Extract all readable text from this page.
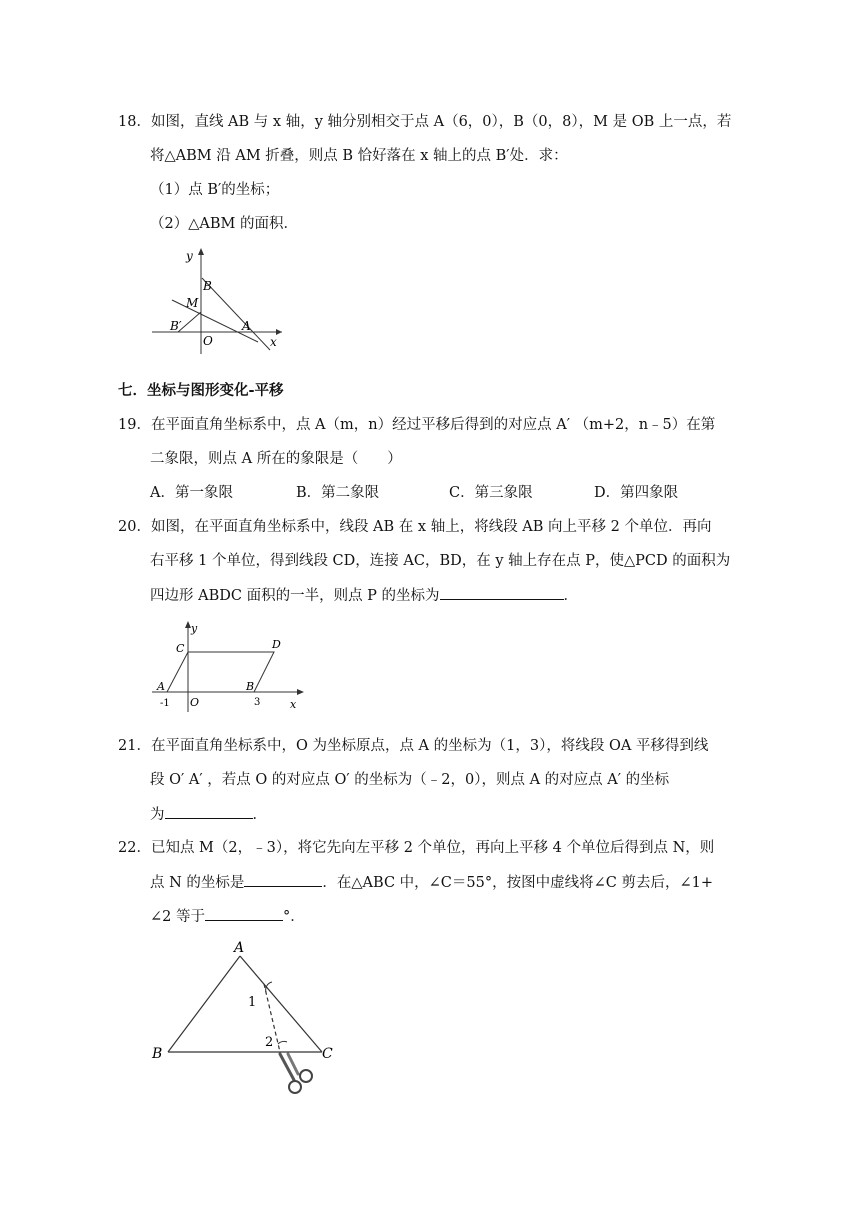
18．如图，直线 AB 与 x 轴，y 轴分别相交于点 A（6，0），B（0，8），M 是 OB 上一点，若
将△ABM 沿 AM 折叠，则点 B 恰好落在 x 轴上的点 B′处．求：
（1）点 B′的坐标；
（2）△ABM 的面积．
y
B
M
B′	A
O	x
七．坐标与图形变化-平移
19．在平面直角坐标系中，点 A（m，n）经过平移后得到的对应点 A′ （m+2，n﹣5）在第
二象限，则点 A 所在的象限是（　　）
A．第一象限	B．第二象限	C．第三象限	D．第四象限
20．如图，在平面直角坐标系中，线段 AB 在 x 轴上，将线段 AB 向上平移 2 个单位．再向
右平移 1 个单位，得到线段 CD，连接 AC，BD，在 y 轴上存在点 P，使△PCD 的面积为
四边形 ABDC 面积的一半，则点 P 的坐标为	．
y
C	D
A	B
O
-1	3	x
21．在平面直角坐标系中，O 为坐标原点，点 A 的坐标为（1，3），将线段 OA 平移得到线
段 O′ A′ ，若点 O 的对应点 O′ 的坐标为（﹣2，0），则点 A 的对应点 A′ 的坐标
为	．
22．已知点 M（2，﹣3），将它先向左平移 2 个单位，再向上平移 4 个单位后得到点 N，则
点 N 的坐标是	．在△ABC 中，∠C＝55°，按图中虚线将∠C 剪去后，∠1+
∠2 等于	°．
A
B	C
1
2
